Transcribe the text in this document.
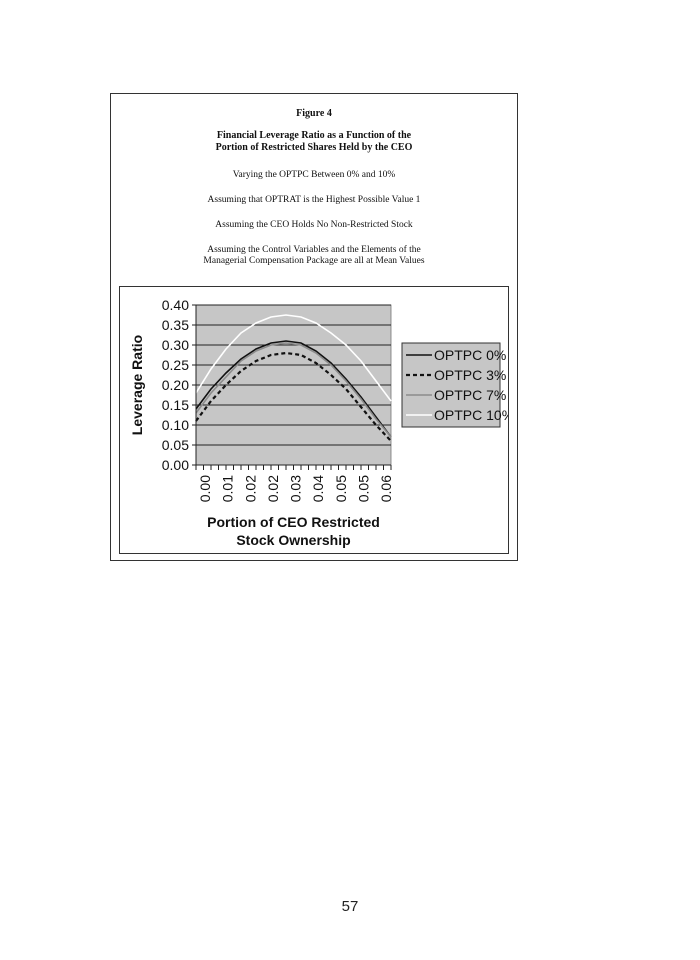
Figure 4
Financial Leverage Ratio as a Function of the
Portion of Restricted Shares Held by the CEO
Varying the OPTPC Between 0% and 10%
Assuming that OPTRAT is the Highest Possible Value 1
Assuming the CEO Holds No Non-Restricted Stock
Assuming the Control Variables and the Elements of the
Managerial Compensation Package are all at Mean Values
0.00
0.05
0.10
0.15
0.20
0.25
0.30
0.35
0.40
0.00 0.01 0.02 0.02 0.03 0.04 0.05 0.05 0.06
Leverage Ratio
Portion of CEO Restricted
Stock Ownership
OPTPC 0%
OPTPC 3%
OPTPC 7%
OPTPC 10%
57
